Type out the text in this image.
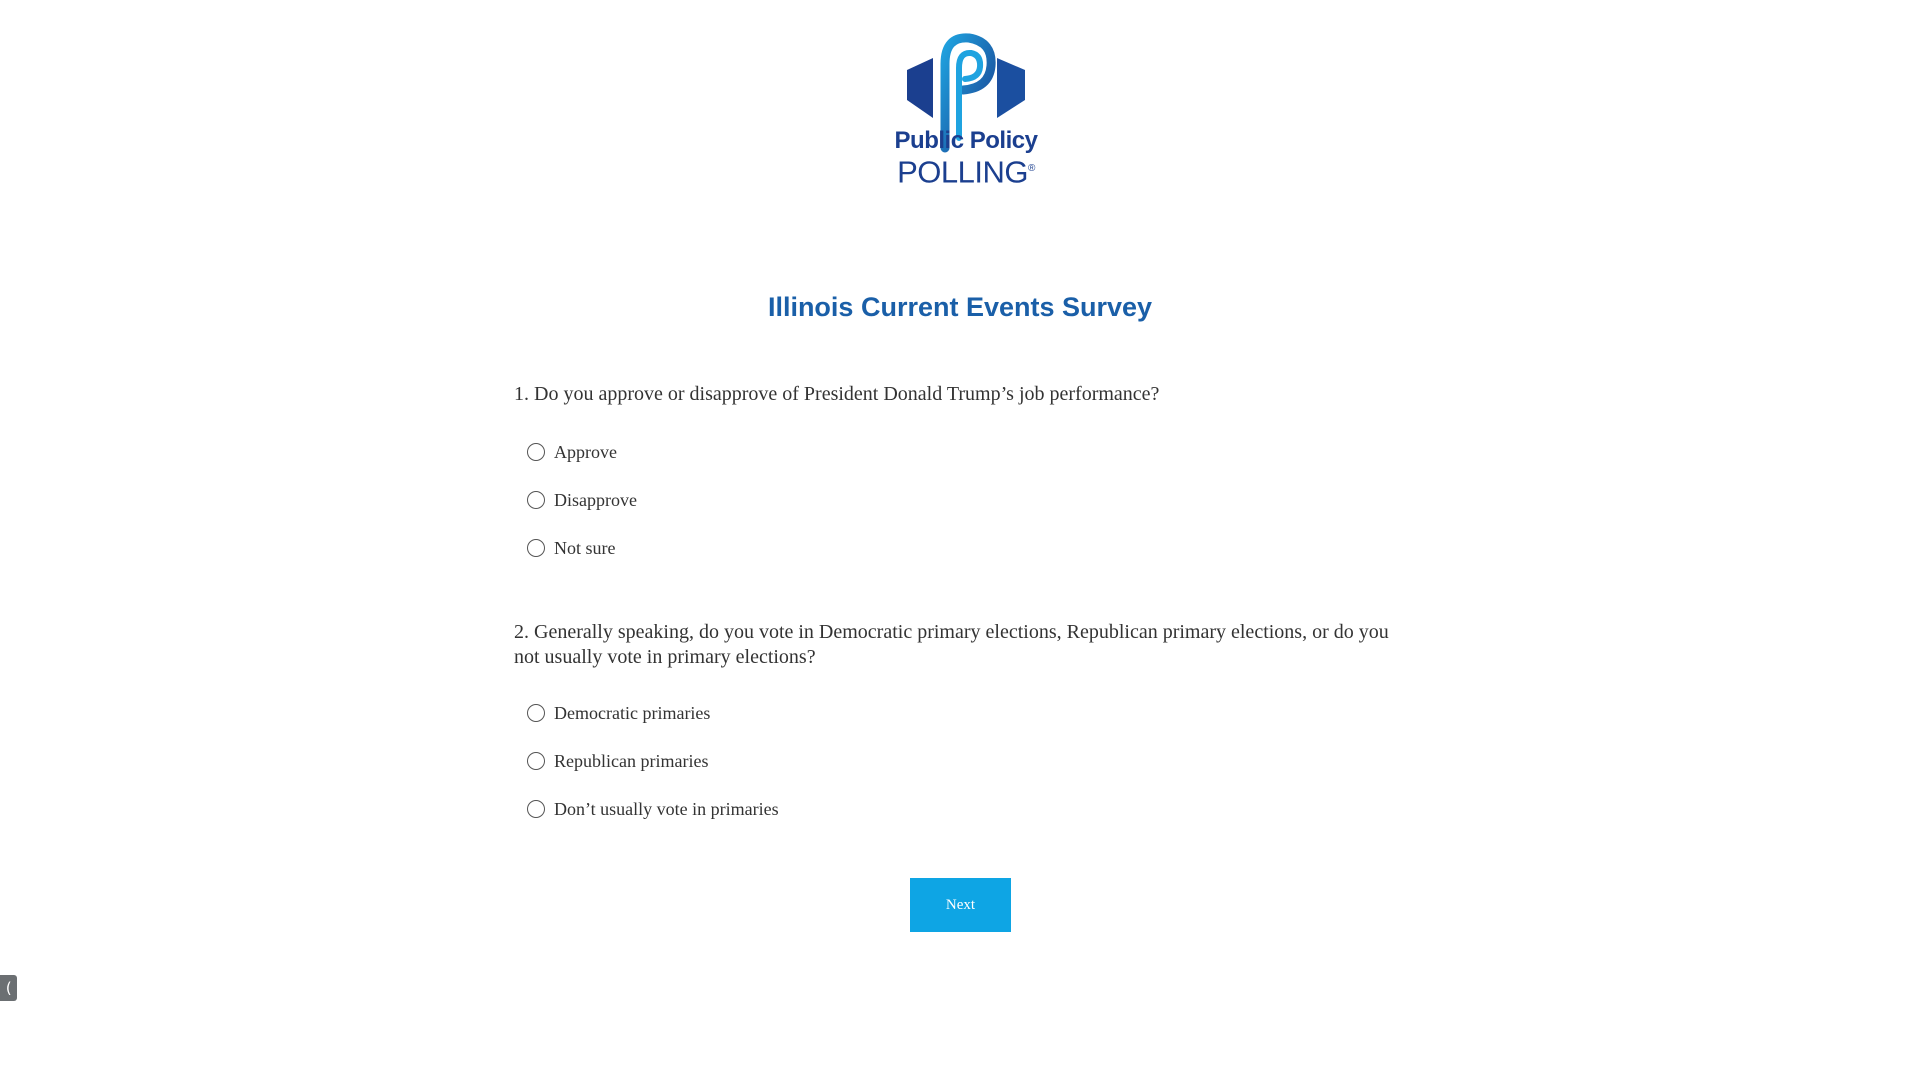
Public Policy
POLLING®
Illinois Current Events Survey

1. Do you approve or disapprove of President Donald Trump’s job performance?

Approve
Disapprove
Not sure

2. Generally speaking, do you vote in Democratic primary elections, Republican primary elections, or do you not usually vote in primary elections?

Democratic primaries
Republican primaries
Don’t usually vote in primaries
Next
(
